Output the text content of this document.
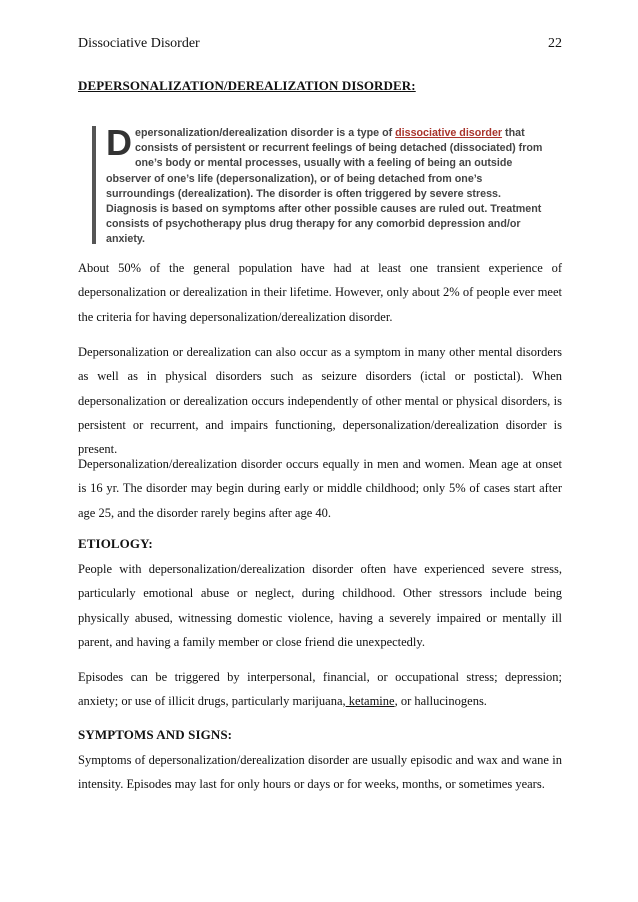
Dissociative Disorder	22
DEPERSONALIZATION/DEREALIZATION DISORDER:
Depersonalization/derealization disorder is a type of dissociative disorder that consists of persistent or recurrent feelings of being detached (dissociated) from one’s body or mental processes, usually with a feeling of being an outside observer of one’s life (depersonalization), or of being detached from one’s surroundings (derealization). The disorder is often triggered by severe stress. Diagnosis is based on symptoms after other possible causes are ruled out. Treatment consists of psychotherapy plus drug therapy for any comorbid depression and/or anxiety.
About 50% of the general population have had at least one transient experience of depersonalization or derealization in their lifetime. However, only about 2% of people ever meet the criteria for having depersonalization/derealization disorder.
Depersonalization or derealization can also occur as a symptom in many other mental disorders as well as in physical disorders such as seizure disorders (ictal or postictal). When depersonalization or derealization occurs independently of other mental or physical disorders, is persistent or recurrent, and impairs functioning, depersonalization/derealization disorder is present.
Depersonalization/derealization disorder occurs equally in men and women. Mean age at onset is 16 yr. The disorder may begin during early or middle childhood; only 5% of cases start after age 25, and the disorder rarely begins after age 40.
ETIOLOGY:
People with depersonalization/derealization disorder often have experienced severe stress, particularly emotional abuse or neglect, during childhood. Other stressors include being physically abused, witnessing domestic violence, having a severely impaired or mentally ill parent, and having a family member or close friend die unexpectedly.
Episodes can be triggered by interpersonal, financial, or occupational stress; depression; anxiety; or use of illicit drugs, particularly marijuana, ketamine, or hallucinogens.
SYMPTOMS AND SIGNS:
Symptoms of depersonalization/derealization disorder are usually episodic and wax and wane in intensity. Episodes may last for only hours or days or for weeks, months, or sometimes years.
